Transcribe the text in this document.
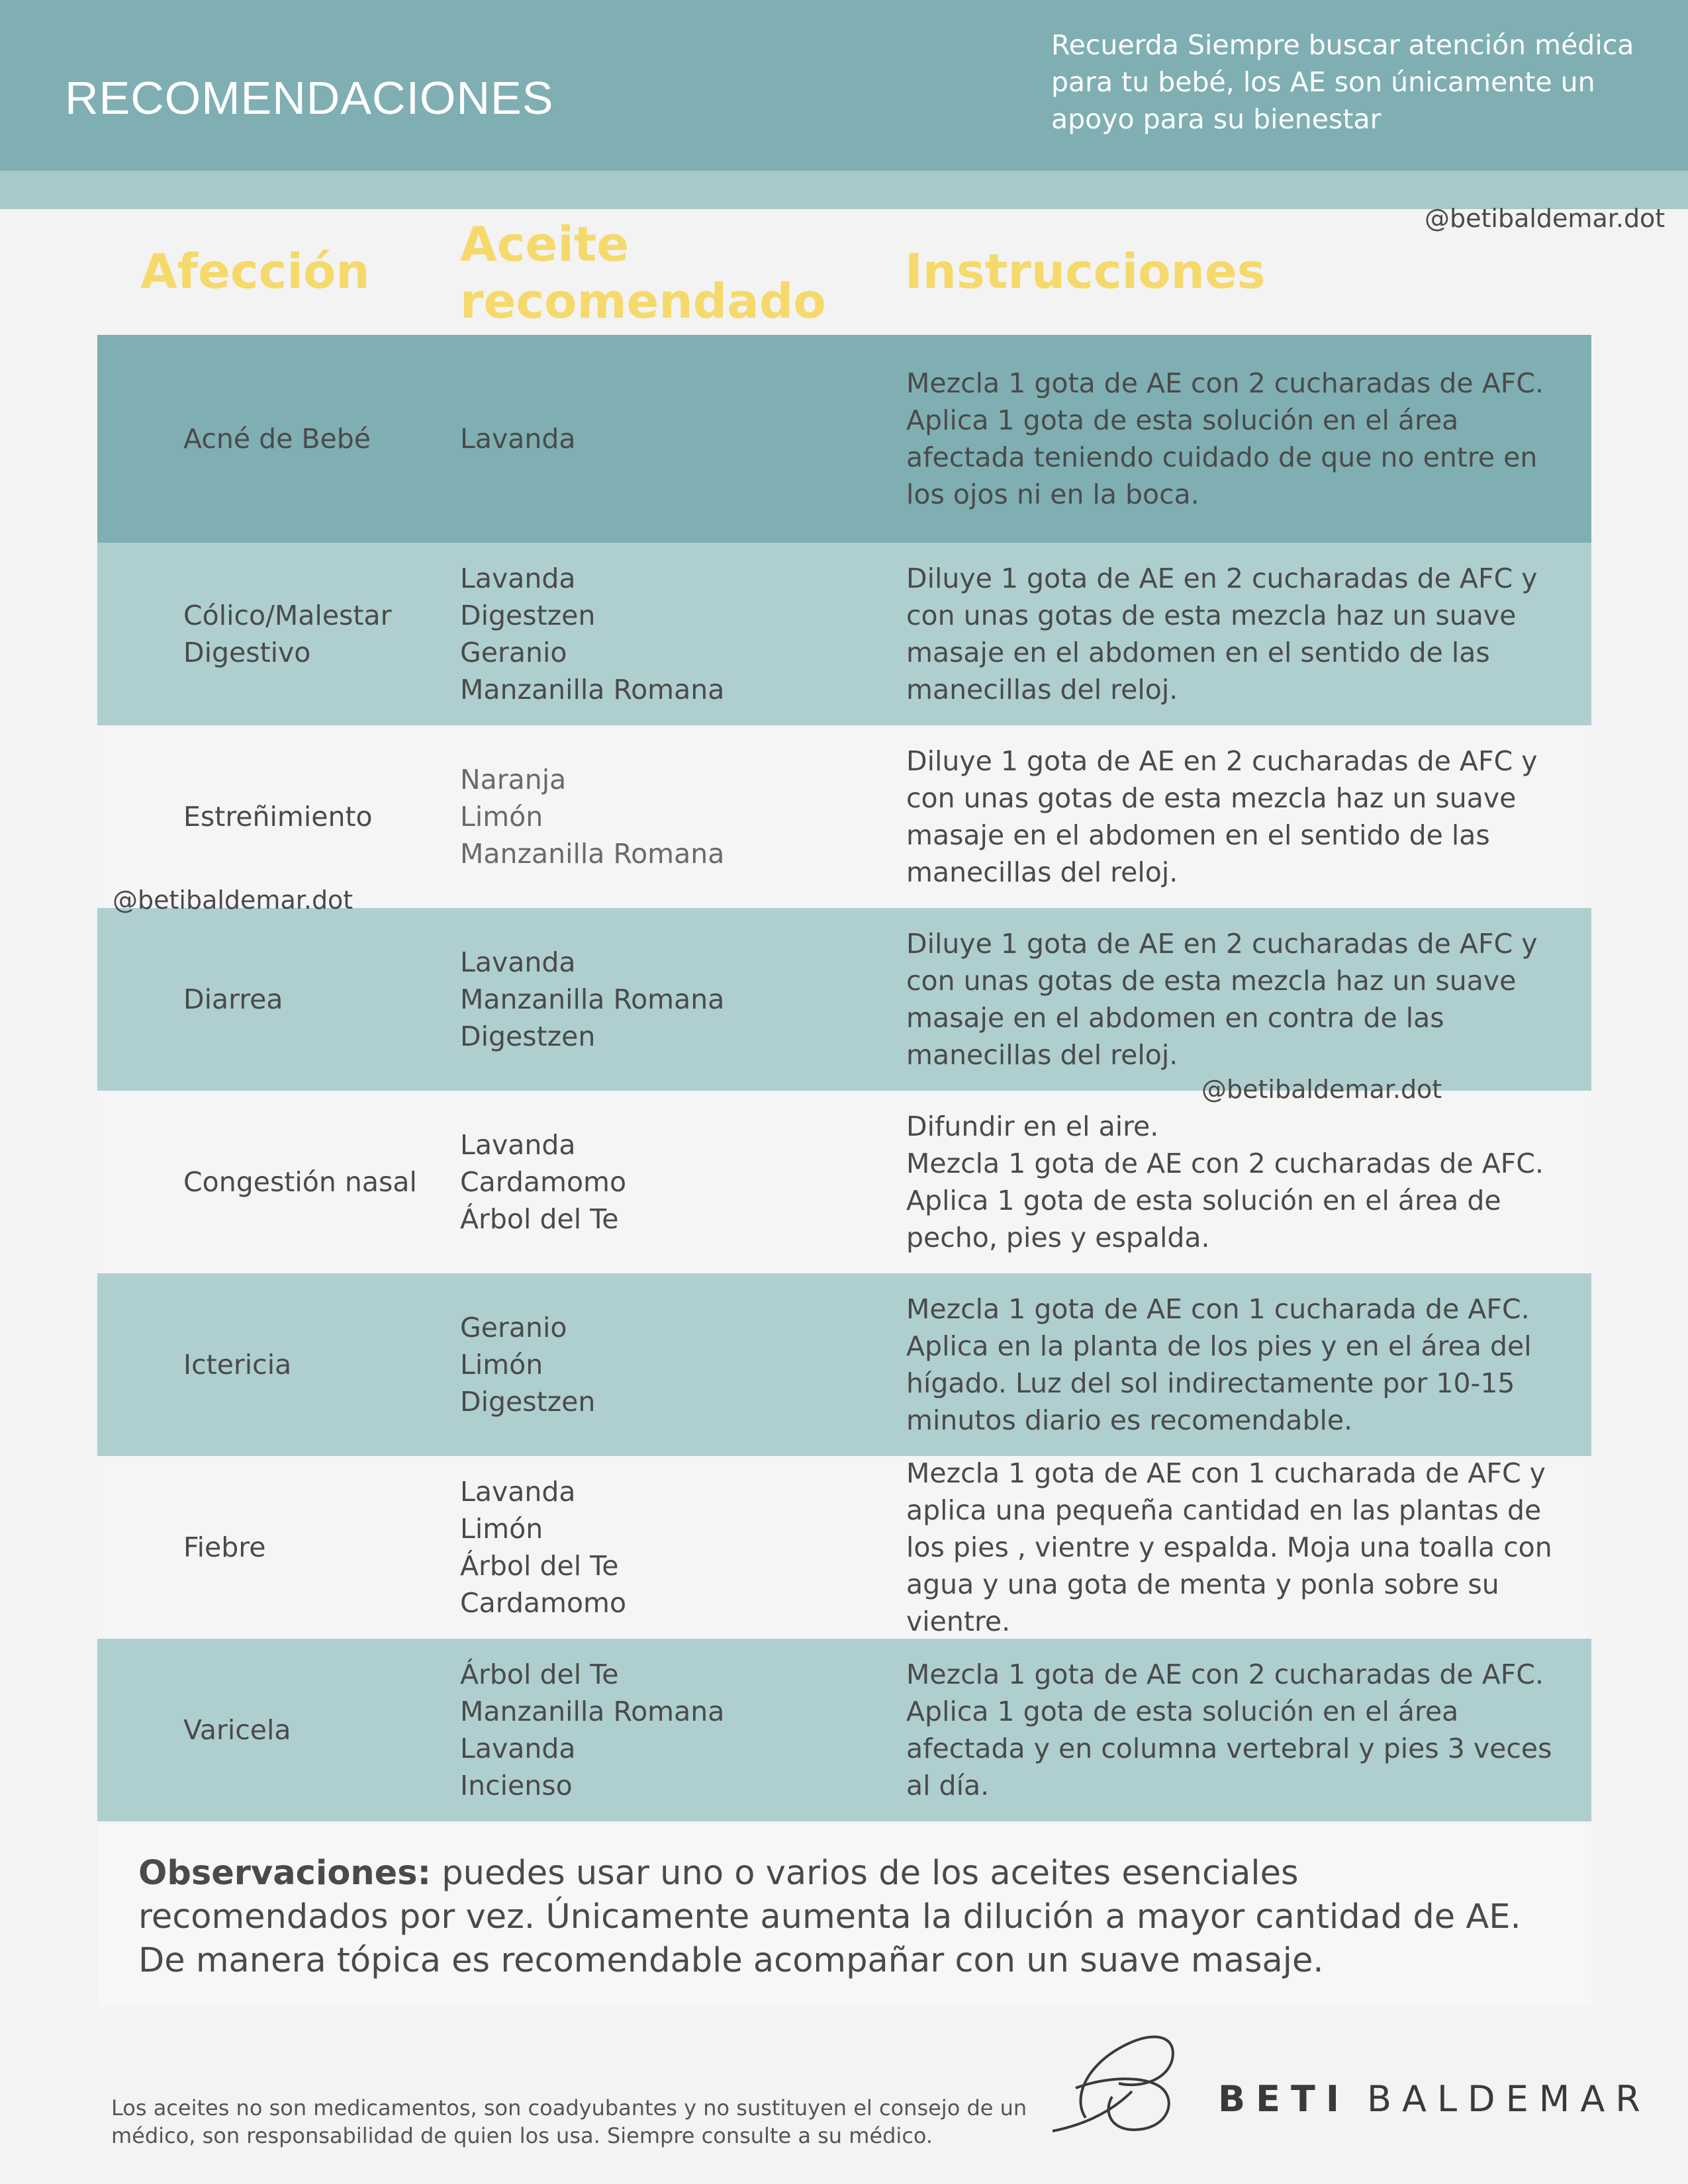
RECOMENDACIONES
Recuerda Siempre buscar atención médica para tu bebé, los AE son únicamente un apoyo para su bienestar
@betibaldemar.dot
Afección Aceite
recomendado
Instrucciones
Acné de Bebé	Lavanda
Mezcla 1 gota de AE con 2 cucharadas de AFC.
Aplica 1 gota de esta solución en el área afectada teniendo cuidado de que no entre en los ojos ni en la boca.
Cólico/Malestar Digestivo
Lavanda
Digestzen
Geranio
Manzanilla Romana
Diluye 1 gota de AE en 2 cucharadas de AFC y con unas gotas de esta mezcla haz un suave masaje en el abdomen en el sentido de las manecillas del reloj.
Estreñimiento
Naranja
Limón
Manzanilla Romana
Diluye 1 gota de AE en 2 cucharadas de AFC y con unas gotas de esta mezcla haz un suave masaje en el abdomen en el sentido de las manecillas del reloj.
Diarrea
Lavanda
Manzanilla Romana
Digestzen
Diluye 1 gota de AE en 2 cucharadas de AFC y con unas gotas de esta mezcla haz un suave masaje en el abdomen en contra de las manecillas del reloj.
Congestión nasal
Lavanda
Cardamomo
Árbol del Te
Difundir en el aire.
Mezcla 1 gota de AE con 2 cucharadas de AFC. Aplica 1 gota de esta solución en el área de pecho, pies y espalda.
Ictericia
Geranio
Limón
Digestzen
Mezcla 1 gota de AE con 1 cucharada de AFC. Aplica en la planta de los pies y en el área del hígado. Luz del sol indirectamente por 10-15 minutos diario es recomendable.
Fiebre
Lavanda
Limón
Árbol del Te
Cardamomo
Mezcla 1 gota de AE con 1 cucharada de AFC y aplica una pequeña cantidad en las plantas de los pies , vientre y espalda. Moja una toalla con agua y una gota de menta y ponla sobre su vientre.
Varicela
Árbol del Te
Manzanilla Romana
Lavanda
Incienso
Mezcla 1 gota de AE con 2 cucharadas de AFC. Aplica 1 gota de esta solución en el área afectada y en columna vertebral y pies 3 veces al día.
@betibaldemar.dot
@betibaldemar.dot
Observaciones: puedes usar uno o varios de los aceites esenciales recomendados por vez. Únicamente aumenta la dilución a mayor cantidad de AE. De manera tópica es recomendable acompañar con un suave masaje.
Los aceites no son medicamentos, son coadyubantes y no sustituyen el consejo de un médico, son responsabilidad de quien los usa. Siempre consulte a su médico.
BETI BALDEMAR
